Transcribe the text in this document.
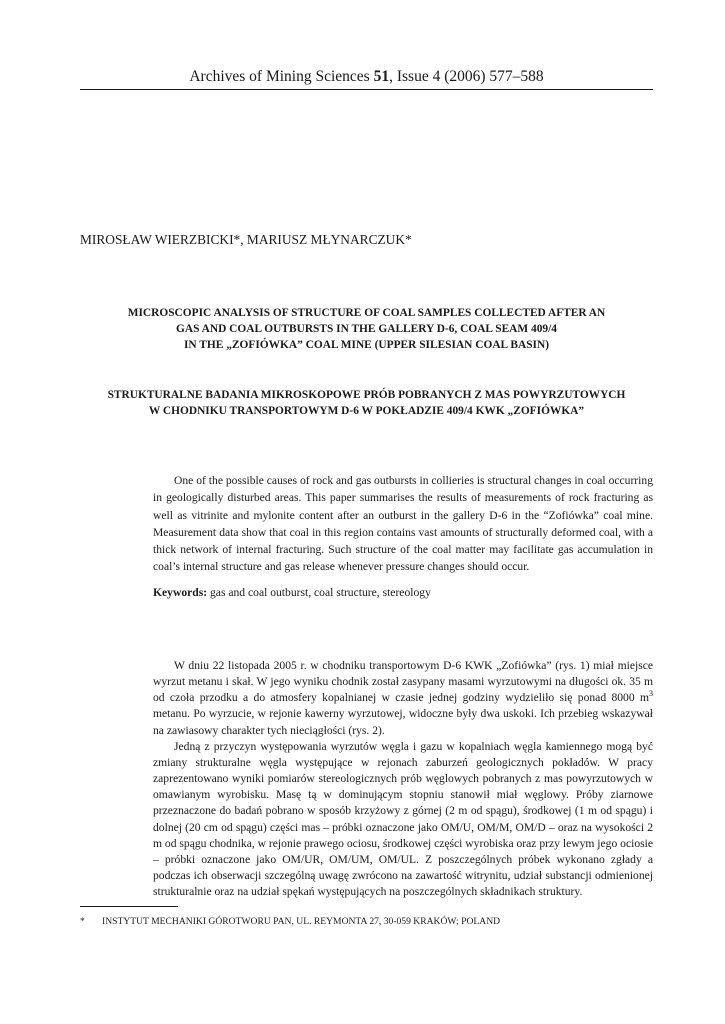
Archives of Mining Sciences 51, Issue 4 (2006) 577–588
MIROSŁAW WIERZBICKI*, MARIUSZ MŁYNARCZUK*
MICROSCOPIC ANALYSIS OF STRUCTURE OF COAL SAMPLES COLLECTED AFTER AN
GAS AND COAL OUTBURSTS IN THE GALLERY D-6, COAL SEAM 409/4
IN THE „ZOFIÓWKA” COAL MINE (UPPER SILESIAN COAL BASIN)
STRUKTURALNE BADANIA MIKROSKOPOWE PRÓB POBRANYCH Z MAS POWYRZUTOWYCH
W CHODNIKU TRANSPORTOWYM D-6 W POKŁADZIE 409/4 KWK „ZOFIÓWKA”

One of the possible causes of rock and gas outbursts in collieries is structural changes in coal occurring in geologically disturbed areas. This paper summarises the results of measurements of rock fracturing as well as vitrinite and mylonite content after an outburst in the gallery D-6 in the “Zofiówka” coal mine. Measurement data show that coal in this region contains vast amounts of structurally deformed coal, with a thick network of internal fracturing. Such structure of the coal matter may facilitate gas accumulation in coal’s internal structure and gas release whenever pressure changes should occur.

Keywords: gas and coal outburst, coal structure, stereology

W dniu 22 listopada 2005 r. w chodniku transportowym D-6 KWK „Zofiówka” (rys. 1) miał miejsce wyrzut metanu i skał. W jego wyniku chodnik został zasypany masami wyrzutowymi na długości ok. 35 m od czoła przodku a do atmosfery kopalnianej w czasie jednej godziny wydzieliło się ponad 8000 $m^3$ metanu. Po wyrzucie, w rejonie kawerny wyrzutowej, widoczne były dwa uskoki. Ich przebieg wskazywał na zawiasowy charakter tych nieciągłości (rys. 2).

Jedną z przyczyn występowania wyrzutów węgla i gazu w kopalniach węgla kamiennego mogą być zmiany strukturalne węgla występujące w rejonach zaburzeń geologicznych pokładów. W pracy zaprezentowano wyniki pomiarów stereologicznych prób węglowych pobranych z mas powyrzutowych w omawianym wyrobisku. Masę tą w dominującym stopniu stanowił miał węglowy. Próby ziarnowe przeznaczone do badań pobrano w sposób krzyżowy z górnej (2 m od spągu), środkowej (1 m od spągu) i dolnej (20 cm od spągu) części mas – próbki oznaczone jako OM/U, OM/M, OM/D – oraz na wysokości 2 m od spągu chodnika, w rejonie prawego ociosu, środkowej części wyrobiska oraz przy lewym jego ociosie – próbki oznaczone jako OM/UR, OM/UM, OM/UL. Z poszczególnych próbek wykonano zgłady a podczas ich obserwacji szczególną uwagę zwrócono na zawartość witrynitu, udział substancji odmienionej strukturalnie oraz na udział spękań występujących na poszczególnych składnikach struktury.

* INSTYTUT MECHANIKI GÓROTWORU PAN, UL. REYMONTA 27, 30-059 KRAKÓW; POLAND
